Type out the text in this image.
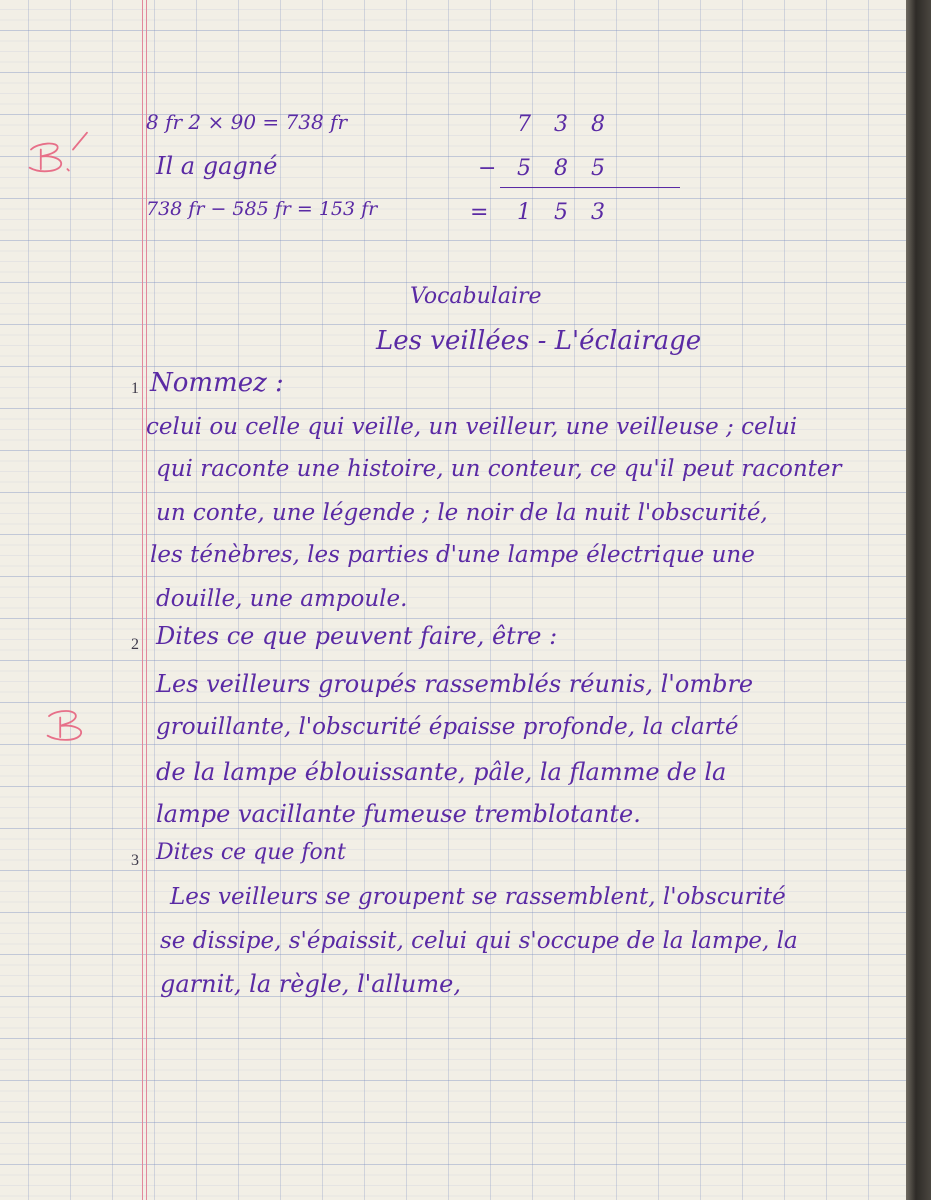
8 fr 2 × 90 = 738 fr
Il a gagné
738 fr − 585 fr = 153 fr
7 3 8
− 5 8 5
= 1 5 3
Vocabulaire
Les veillées - L'éclairage
1 Nommez :
celui ou celle qui veille, un veilleur, une veilleuse ; celui
qui raconte une histoire, un conteur, ce qu'il peut raconter
un conte, une légende ; le noir de la nuit l'obscurité,
les ténèbres, les parties d'une lampe électrique une
douille, une ampoule.
2 Dites ce que peuvent faire, être :
Les veilleurs groupés rassemblés réunis, l'ombre
grouillante, l'obscurité épaisse profonde, la clarté
de la lampe éblouissante, pâle, la flamme de la
lampe vacillante fumeuse tremblotante.
3 Dites ce que font
Les veilleurs se groupent se rassemblent, l'obscurité
se dissipe, s'épaissit, celui qui s'occupe de la lampe, la
garnit, la règle, l'allume,
